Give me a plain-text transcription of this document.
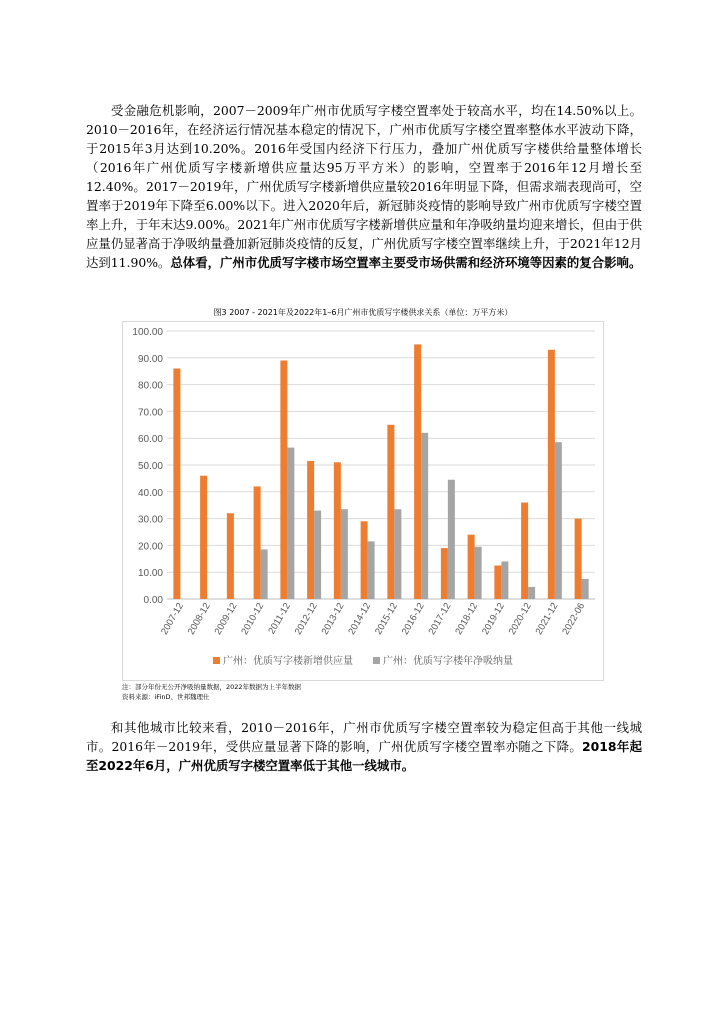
受金融危机影响，2007－2009年广州市优质写字楼空置率处于较高水平，均在14.50%以上。2010－2016年，在经济运行情况基本稳定的情况下，广州市优质写字楼空置率整体水平波动下降，于2015年3月达到10.20%。2016年受国内经济下行压力，叠加广州优质写字楼供给量整体增长（2016年广州优质写字楼新增供应量达95万平方米）的影响，空置率于2016年12月增长至12.40%。2017－2019年，广州优质写字楼新增供应量较2016年明显下降，但需求端表现尚可，空置率于2019年下降至6.00%以下。进入2020年后，新冠肺炎疫情的影响导致广州市优质写字楼空置率上升，于年末达9.00%。2021年广州市优质写字楼新增供应量和年净吸纳量均迎来增长，但由于供应量仍显著高于净吸纳量叠加新冠肺炎疫情的反复，广州优质写字楼空置率继续上升，于2021年12月达到11.90%。总体看，广州市优质写字楼市场空置率主要受市场供需和经济环境等因素的复合影响。

图3 2007 - 2021年及2022年1–6月广州市优质写字楼供求关系（单位：万平方米）
0.00
10.00
20.00
30.00
40.00
50.00
60.00
70.00
80.00
90.00
100.00
2007-12 2008-12 2009-12 2010-12 2011-12 2012-12 2013-12 2014-12 2015-12 2016-12 2017-12 2018-12 2019-12 2020-12 2021-12 2022-06
广州：优质写字楼新增供应量	广州：优质写字楼年净吸纳量
注：部分年份无公开净吸纳量数据，2022年数据为上半年数据
资料来源：iFinD、世邦魏理仕

和其他城市比较来看，2010－2016年，广州市优质写字楼空置率较为稳定但高于其他一线城市。2016年－2019年，受供应量显著下降的影响，广州优质写字楼空置率亦随之下降。2018年起至2022年6月，广州优质写字楼空置率低于其他一线城市。
